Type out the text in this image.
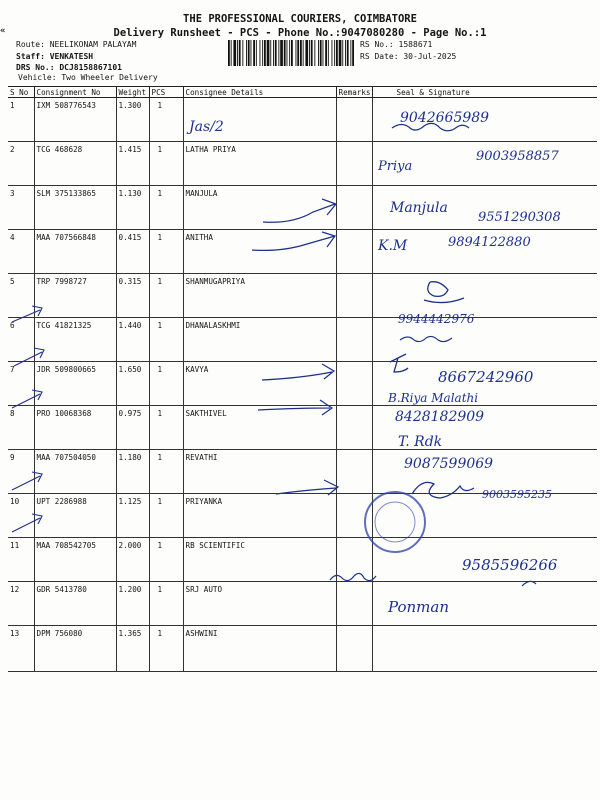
«
THE PROFESSIONAL COURIERS, COIMBATORE
Delivery Runsheet - PCS - Phone No.:9047080280 - Page No.:1
Route: NEELIKONAM PALAYAM
Staff: VENKATESH
DRS No.: DCJ8158867101
Vehicle: Two Wheeler Delivery
RS No.: 1588671
RS Date: 30-Jul-2025
S No	Consignment No	Weight	PCS	Consignee Details	Remarks	Seal & Signature
1	IXM 508776543	1.300	1			
2	TCG 468628	1.415	1	LATHA PRIYA		
3	SLM 375133865	1.130	1	MANJULA		
4	MAA 707566848	0.415	1	ANITHA		
5	TRP 7998727	0.315	1	SHANMUGAPRIYA		
6	TCG 41821325	1.440	1	DHANALASKHMI		
7	JDR 509800665	1.650	1	KAVYA		
8	PRO 10068368	0.975	1	SAKTHIVEL		
9	MAA 707504050	1.180	1	REVATHI		
10	UPT 2286988	1.125	1	PRIYANKA		
11	MAA 708542705	2.000	1	RB SCIENTIFIC		
12	GDR 5413780	1.200	1	SRJ AUTO		
13	DPM 756080	1.365	1	ASHWINI		
Jas/2
9042665989
Priya
9003958857
Manjula
9551290308
K.M	9894122880
9944442976
8667242960
B.Riya Malathi
8428182909
T. Rdk
9087599069
9003595235
9585596266
Ponman
